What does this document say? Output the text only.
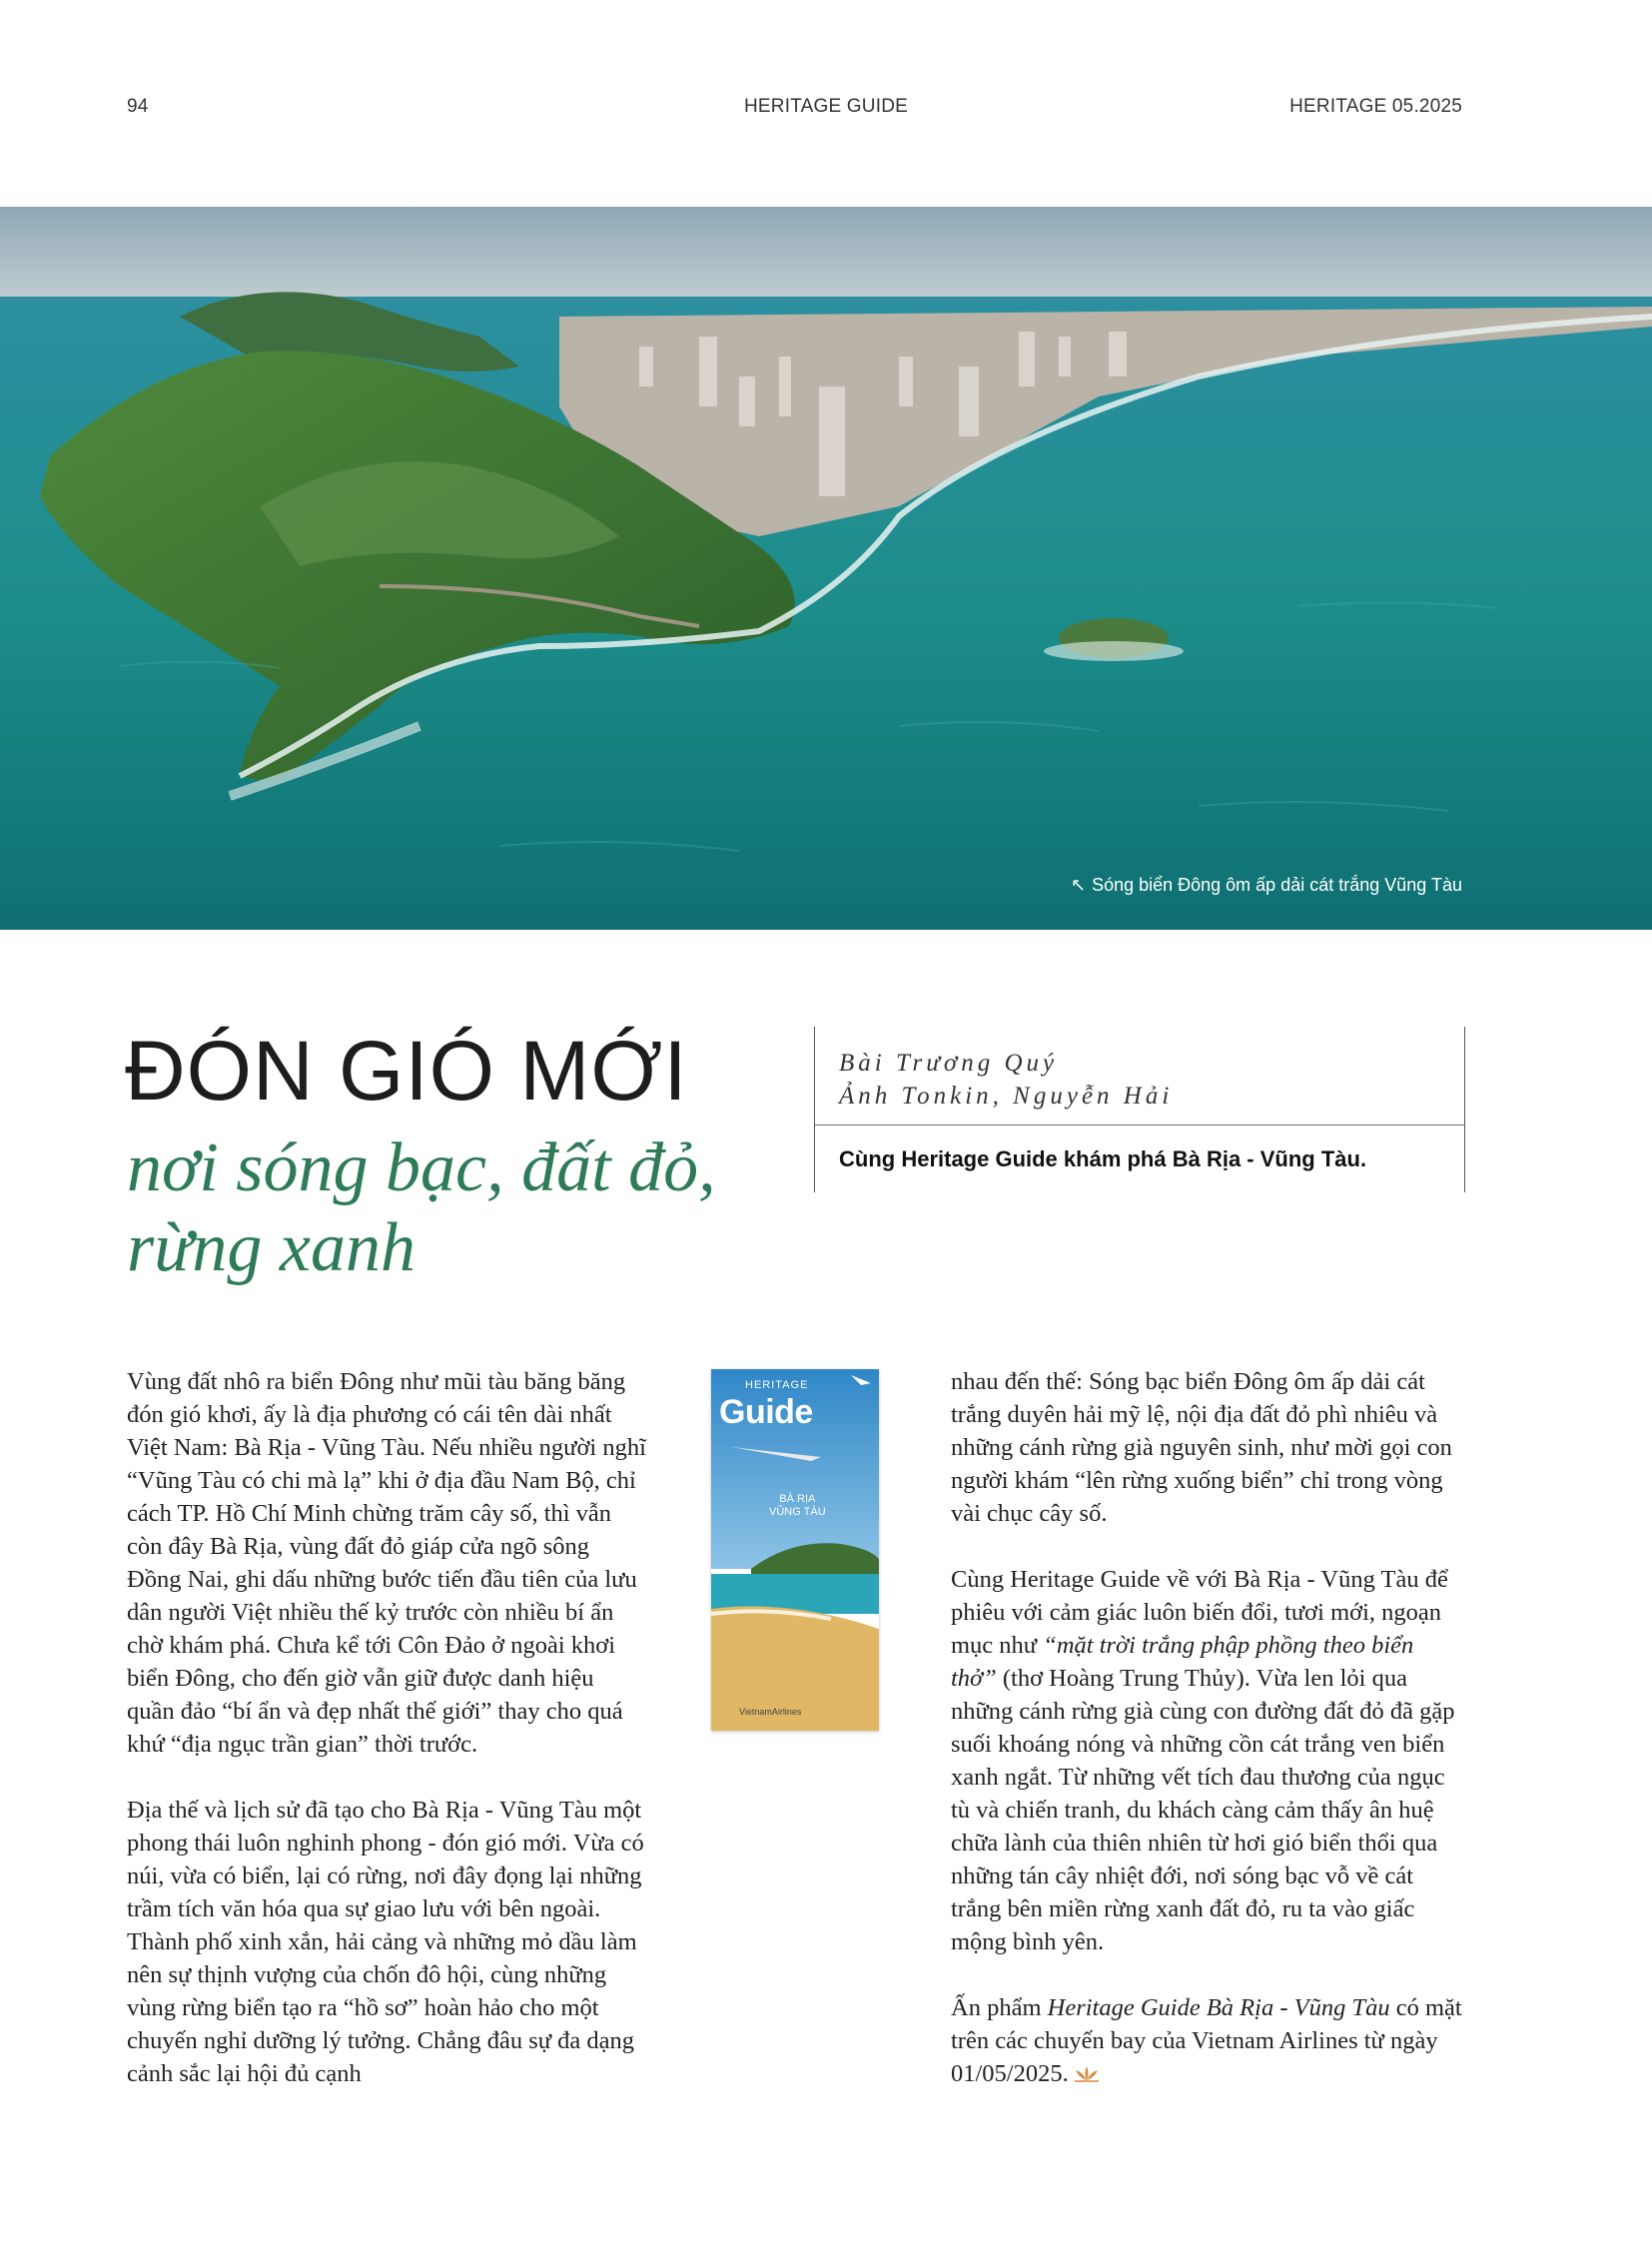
94	HERITAGE GUIDE	HERITAGE 05.2025
↖ Sóng biển Đông ôm ấp dải cát trắng Vũng Tàu
ĐÓN GIÓ MỚI
nơi sóng bạc, đất đỏ,
rừng xanh
Bài Trương Quý
Ảnh Tonkin, Nguyễn Hải
Cùng Heritage Guide khám phá Bà Rịa - Vũng Tàu.

Vùng đất nhô ra biển Đông như mũi tàu băng băng đón gió khơi, ấy là địa phương có cái tên dài nhất Việt Nam: Bà Rịa - Vũng Tàu. Nếu nhiều người nghĩ “Vũng Tàu có chi mà lạ” khi ở địa đầu Nam Bộ, chỉ cách TP. Hồ Chí Minh chừng trăm cây số, thì vẫn còn đây Bà Rịa, vùng đất đỏ giáp cửa ngõ sông Đồng Nai, ghi dấu những bước tiến đầu tiên của lưu dân người Việt nhiều thế kỷ trước còn nhiều bí ẩn chờ khám phá. Chưa kể tới Côn Đảo ở ngoài khơi biển Đông, cho đến giờ vẫn giữ được danh hiệu quần đảo “bí ẩn và đẹp nhất thế giới” thay cho quá khứ “địa ngục trần gian” thời trước.

Địa thế và lịch sử đã tạo cho Bà Rịa - Vũng Tàu một phong thái luôn nghinh phong - đón gió mới. Vừa có núi, vừa có biển, lại có rừng, nơi đây đọng lại những trầm tích văn hóa qua sự giao lưu với bên ngoài. Thành phố xinh xắn, hải cảng và những mỏ dầu làm nên sự thịnh vượng của chốn đô hội, cùng những vùng rừng biển tạo ra “hồ sơ” hoàn hảo cho một chuyến nghỉ dưỡng lý tưởng. Chẳng đâu sự đa dạng cảnh sắc lại hội đủ cạnh

HERITAGE
Guide
BÀ RỊA
VŨNG TÀU
VietnamAirlines

nhau đến thế: Sóng bạc biển Đông ôm ấp dải cát trắng duyên hải mỹ lệ, nội địa đất đỏ phì nhiêu và những cánh rừng già nguyên sinh, như mời gọi con người khám “lên rừng xuống biển” chỉ trong vòng vài chục cây số.

Cùng Heritage Guide về với Bà Rịa - Vũng Tàu để phiêu với cảm giác luôn biến đổi, tươi mới, ngoạn mục như “mặt trời trắng phập phồng theo biển thở” (thơ Hoàng Trung Thủy). Vừa len lỏi qua những cánh rừng già cùng con đường đất đỏ đã gặp suối khoáng nóng và những cồn cát trắng ven biển xanh ngắt. Từ những vết tích đau thương của ngục tù và chiến tranh, du khách càng cảm thấy ân huệ chữa lành của thiên nhiên từ hơi gió biển thổi qua những tán cây nhiệt đới, nơi sóng bạc vỗ về cát trắng bên miền rừng xanh đất đỏ, ru ta vào giấc mộng bình yên.

Ấn phẩm Heritage Guide Bà Rịa - Vũng Tàu có mặt trên các chuyến bay của Vietnam Airlines từ ngày 01/05/2025.
